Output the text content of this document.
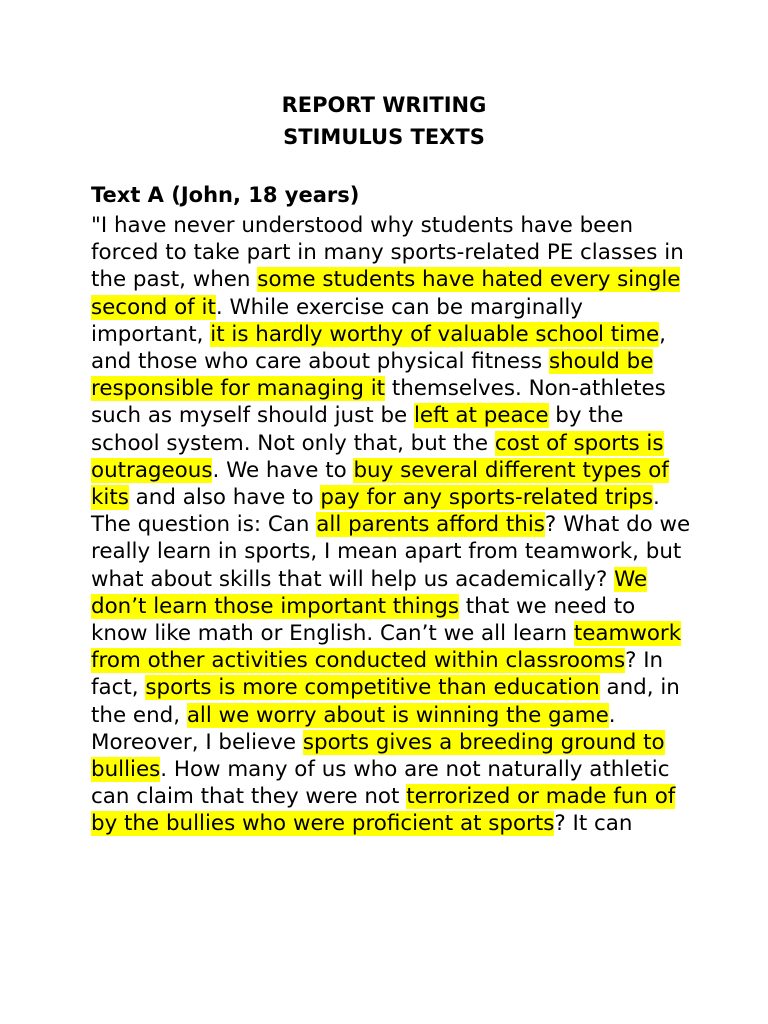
REPORT WRITING
STIMULUS TEXTS
Text A (John, 18 years)

"I have never understood why students have been forced to take part in many sports-related PE classes in the past, when some students have hated every single second of it. While exercise can be marginally important, it is hardly worthy of valuable school time, and those who care about physical fitness should be responsible for managing it themselves. Non-athletes such as myself should just be left at peace by the school system. Not only that, but the cost of sports is outrageous. We have to buy several different types of kits and also have to pay for any sports-related trips. The question is: Can all parents afford this? What do we really learn in sports, I mean apart from teamwork, but what about skills that will help us academically? We don’t learn those important things that we need to know like math or English. Can’t we all learn teamwork from other activities conducted within classrooms? In fact, sports is more competitive than education and, in the end, all we worry about is winning the game. Moreover, I believe sports gives a breeding ground to bullies. How many of us who are not naturally athletic can claim that they were not terrorized or made fun of by the bullies who were proficient at sports? It can
